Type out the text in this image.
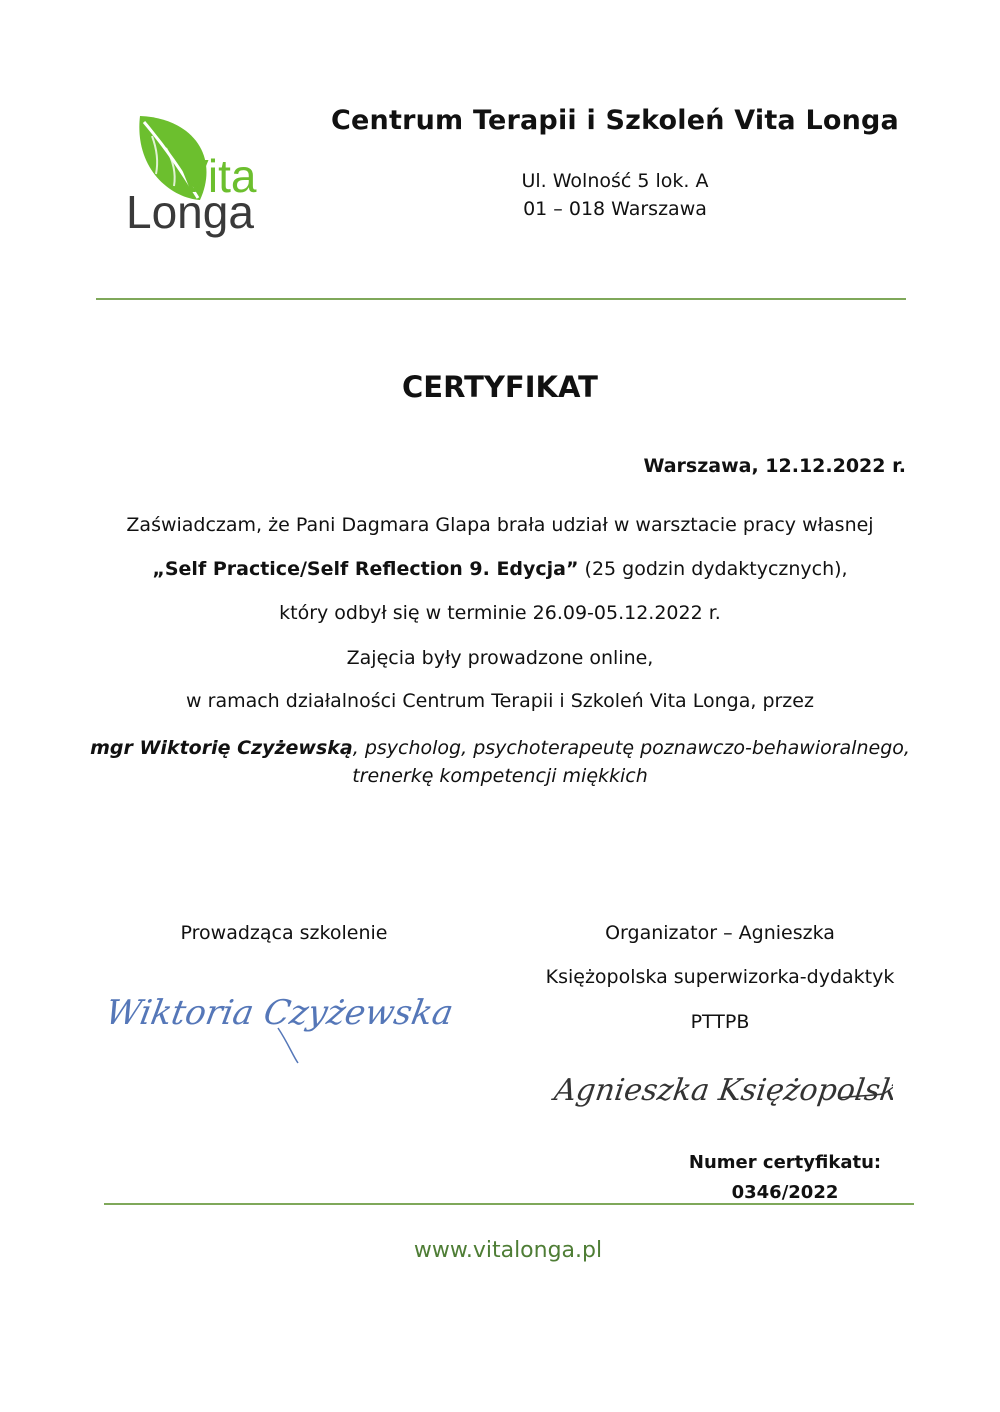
Vita
Longa
Centrum Terapii i Szkoleń Vita Longa
Ul. Wolność 5 lok. A
01 – 018 Warszawa
CERTYFIKAT
Warszawa, 12.12.2022 r.
Zaświadczam, że Pani Dagmara Glapa brała udział w warsztacie pracy własnej
„Self Practice/Self Reflection 9. Edycja” (25 godzin dydaktycznych),
który odbył się w terminie 26.09-05.12.2022 r.
Zajęcia były prowadzone online,
w ramach działalności Centrum Terapii i Szkoleń Vita Longa, przez
mgr Wiktorię Czyżewską, psycholog, psychoterapeutę poznawczo-behawioralnego,
trenerkę kompetencji miękkich
Prowadząca szkolenie
Wiktoria Czyżewska
Organizator – Agnieszka
Księżopolska superwizorka-dydaktyk
PTTPB
Agnieszka Księżopolska
Numer certyfikatu:
0346/2022
www.vitalonga.pl
